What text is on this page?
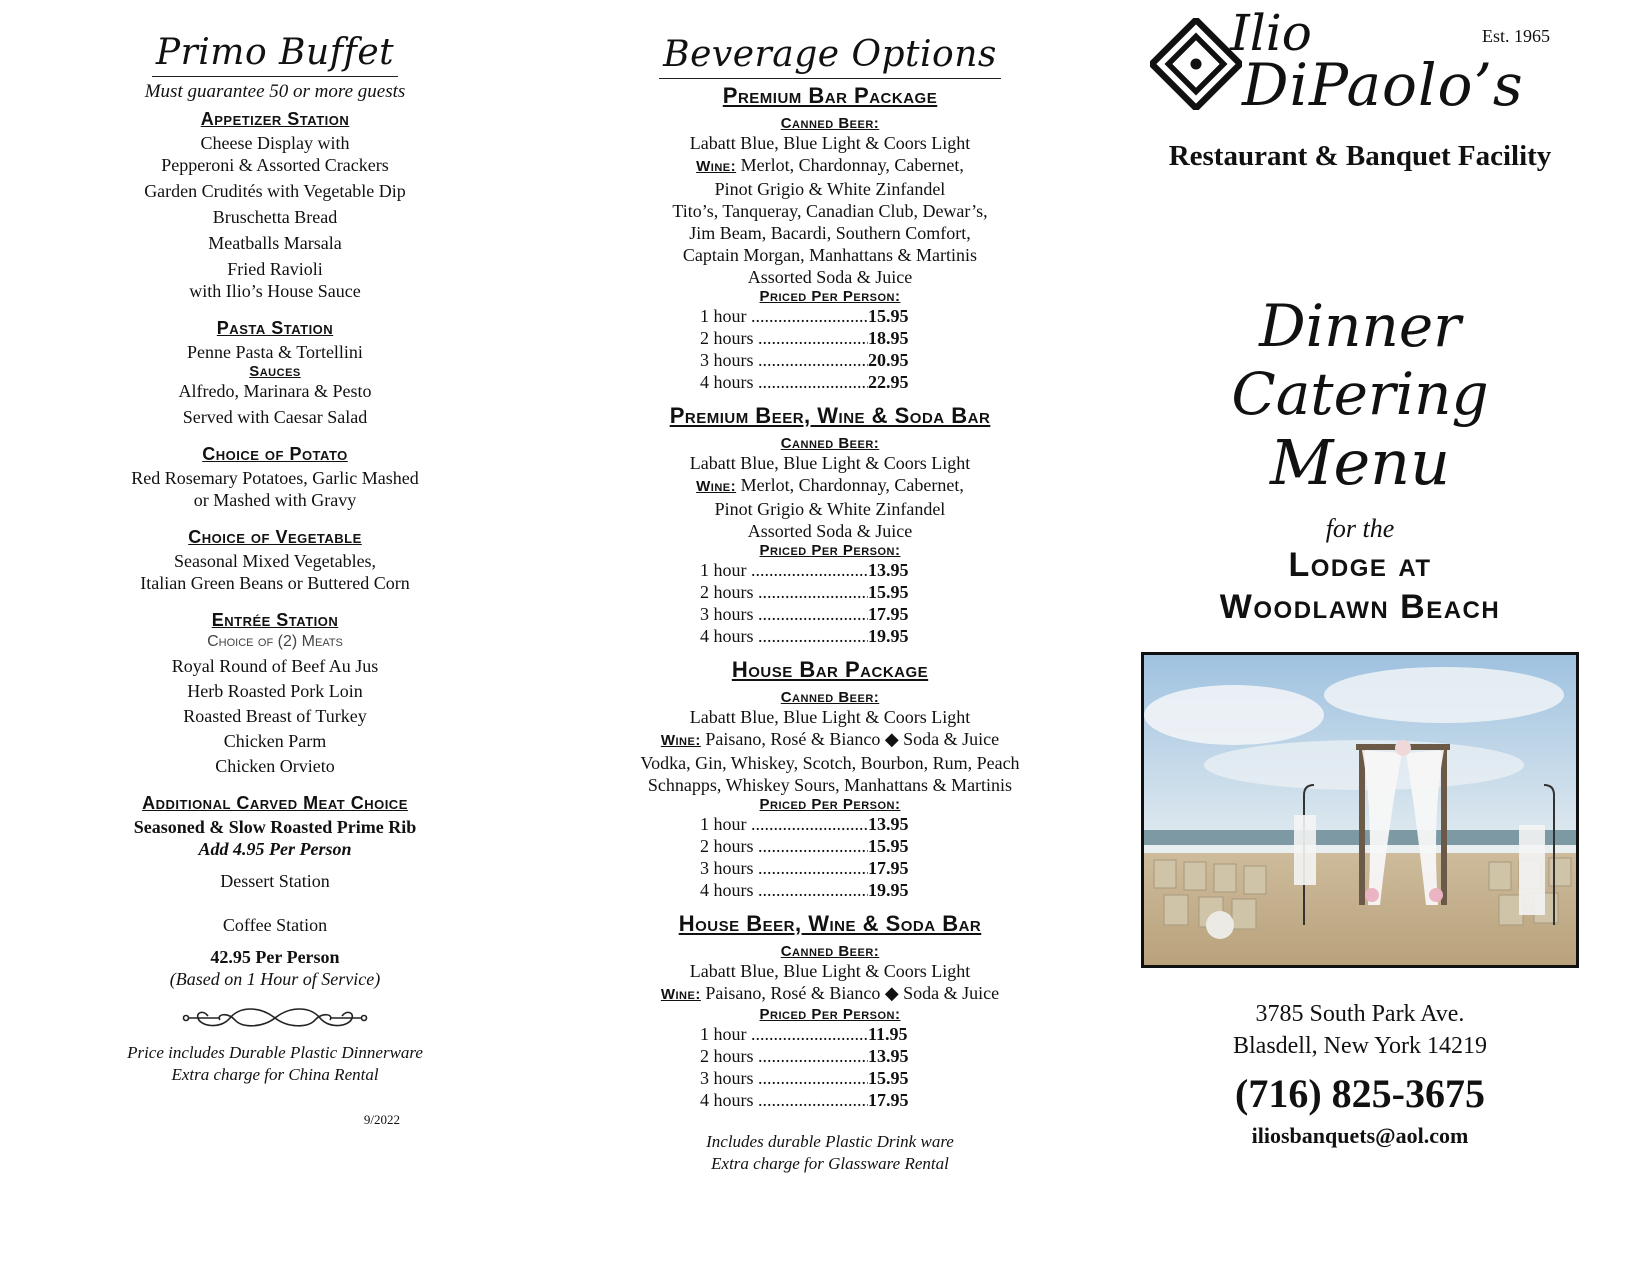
Primo Buffet
Must guarantee 50 or more guests
Appetizer Station
Cheese Display with
Pepperoni & Assorted Crackers
Garden Crudités with Vegetable Dip
Bruschetta Bread
Meatballs Marsala
Fried Ravioli
with Ilio’s House Sauce
Pasta Station
Penne Pasta & Tortellini
Sauces
Alfredo, Marinara & Pesto
Served with Caesar Salad
Choice of Potato
Red Rosemary Potatoes, Garlic Mashed
or Mashed with Gravy
Choice of Vegetable
Seasonal Mixed Vegetables,
Italian Green Beans or Buttered Corn
Entrée Station
Choice of (2) Meats
Royal Round of Beef Au Jus
Herb Roasted Pork Loin
Roasted Breast of Turkey
Chicken Parm
Chicken Orvieto
Additional Carved Meat Choice
Seasoned & Slow Roasted Prime Rib
Add 4.95 Per Person
Dessert Station
Coffee Station
42.95 Per Person
(Based on 1 Hour of Service)
Price includes Durable Plastic Dinnerware
Extra charge for China Rental
9/2022
Beverage Options
Premium Bar Package
Canned Beer:
Labatt Blue, Blue Light & Coors Light
Wine: Merlot, Chardonnay, Cabernet,
Pinot Grigio & White Zinfandel
Tito’s, Tanqueray, Canadian Club, Dewar’s,
Jim Beam, Bacardi, Southern Comfort,
Captain Morgan, Manhattans & Martinis
Assorted Soda & Juice
Priced Per Person:
1 hour .....	15.95
2 hours .....	18.95
3 hours .....	20.95
4 hours .....	22.95
Premium Beer, Wine & Soda Bar
Canned Beer:
Labatt Blue, Blue Light & Coors Light
Wine: Merlot, Chardonnay, Cabernet,
Pinot Grigio & White Zinfandel
Assorted Soda & Juice
Priced Per Person:
1 hour .....	13.95
2 hours .....	15.95
3 hours .....	17.95
4 hours .....	19.95
House Bar Package
Canned Beer:
Labatt Blue, Blue Light & Coors Light
Wine: Paisano, Rosé & Bianco ◆ Soda & Juice
Vodka, Gin, Whiskey, Scotch, Bourbon, Rum, Peach
Schnapps, Whiskey Sours, Manhattans & Martinis
Priced Per Person:
1 hour .....	13.95
2 hours .....	15.95
3 hours .....	17.95
4 hours .....	19.95
House Beer, Wine & Soda Bar
Canned Beer:
Labatt Blue, Blue Light & Coors Light
Wine: Paisano, Rosé & Bianco ◆ Soda & Juice
Priced Per Person:
1 hour .....	11.95
2 hours .....	13.95
3 hours .....	15.95
4 hours .....	17.95
Includes durable Plastic Drink ware
Extra charge for Glassware Rental
Ilio
DiPaolo’s
Est. 1965
Restaurant & Banquet Facility
Dinner Catering
Menu
for the
Lodge at
Woodlawn Beach
3785 South Park Ave.
Blasdell, New York 14219
(716) 825-3675
iliosbanquets@aol.com
